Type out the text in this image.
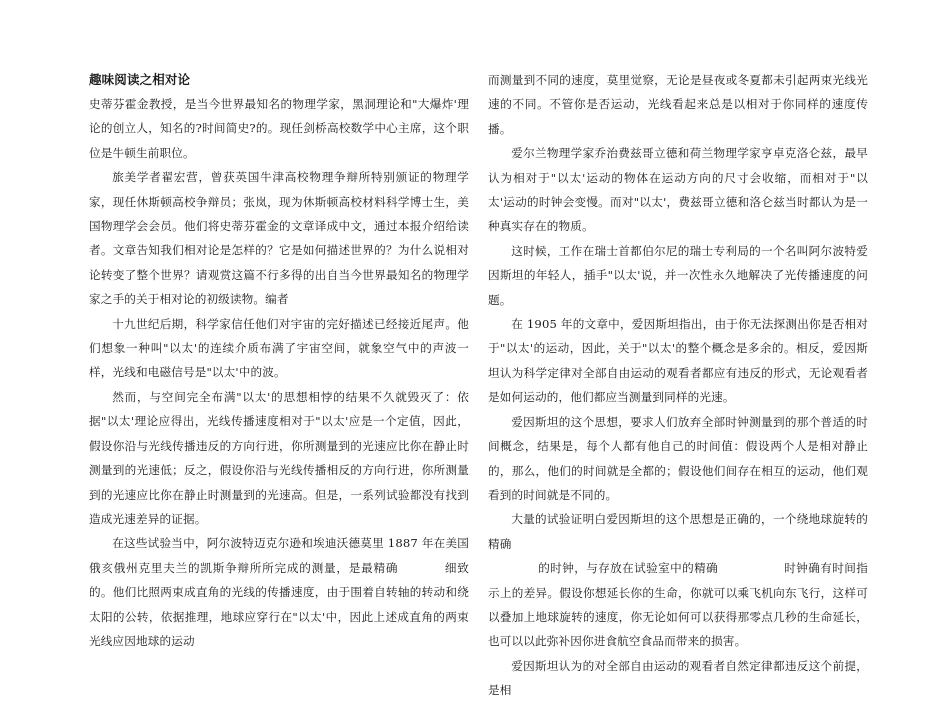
趣味阅读之相对论

史蒂芬霍金教授，是当今世界最知名的物理学家，黑洞理论和"大爆炸'理论的创立人，知名的?时间简史?的。现任剑桥高校数学中心主席，这个职位是牛顿生前职位。

旅美学者翟宏营，曾获英国牛津高校物理争辩所特别颁证的物理学家，现任休斯顿高校争辩员；张岚，现为休斯顿高校材料科学博士生，美国物理学会会员。他们将史蒂芬霍金的文章译成中文，通过本报介绍给读者。文章告知我们相对论是怎样的？它是如何描述世界的？为什么说相对论转变了整个世界？请观赏这篇不行多得的出自当今世界最知名的物理学家之手的关于相对论的初级读物。编者

十九世纪后期，科学家信任他们对宇宙的完好描述已经接近尾声。他们想象一种叫"以太'的连续介质布满了宇宙空间，就象空气中的声波一样，光线和电磁信号是"以太'中的波。

然而，与空间完全布满"以太'的思想相悖的结果不久就毁灭了：依据"以太'理论应得出，光线传播速度相对于"以太'应是一个定值，因此，假设你沿与光线传播违反的方向行进，你所测量到的光速应比你在静止时测量到的光速低；反之，假设你沿与光线传播相反的方向行进，你所测量到的光速应比你在静止时测量到的光速高。但是，一系列试验都没有找到造成光速差异的证据。

在这些试验当中，阿尔波特迈克尔逊和埃迪沃德莫里 1887 年在美国俄亥俄州克里夫兰的凯斯争辩所所完成的测量，是最精确	细致的。他们比照两束成直角的光线的传播速度，由于围着自转轴的转动和绕太阳的公转，依据推理，地球应穿行在"以太'中，因此上述成直角的两束光线应因地球的运动

而测量到不同的速度，莫里觉察，无论是昼夜或冬夏都未引起两束光线光速的不同。不管你是否运动，光线看起来总是以相对于你同样的速度传播。

爱尔兰物理学家乔治费兹哥立德和荷兰物理学家亨卓克洛仑兹，最早认为相对于"以太'运动的物体在运动方向的尺寸会收缩，而相对于"以太'运动的时钟会变慢。而对"以太'，费兹哥立德和洛仑兹当时都认为是一种真实存在的物质。

这时候，工作在瑞士首都伯尔尼的瑞士专利局的一个名叫阿尔波特爱因斯坦的年轻人，插手"以太'说，并一次性永久地解决了光传播速度的问题。

在 1905 年的文章中，爱因斯坦指出，由于你无法探测出你是否相对于"以太'的运动，因此，关于"以太'的整个概念是多余的。相反，爱因斯坦认为科学定律对全部自由运动的观看者都应有违反的形式，无论观看者是如何运动的，他们都应当测量到同样的光速。

爱因斯坦的这个思想，要求人们放弃全部时钟测量到的那个普适的时间概念，结果是，每个人都有他自己的时间值：假设两个人是相对静止的，那么，他们的时间就是全都的；假设他们间存在相互的运动，他们观看到的时间就是不同的。

大量的试验证明白爱因斯坦的这个思想是正确的，一个绕地球旋转的精确
的时钟，与存放在试验室中的精确	时钟确有时间指示上的差异。假设你想延长你的生命，你就可以乘飞机向东飞行，这样可以叠加上地球旋转的速度，你无论如何可以获得那零点几秒的生命延长，也可以以此弥补因你进食航空食品而带来的损害。

爱因斯坦认为的对全部自由运动的观看者自然定律都违反这个前提，是相
